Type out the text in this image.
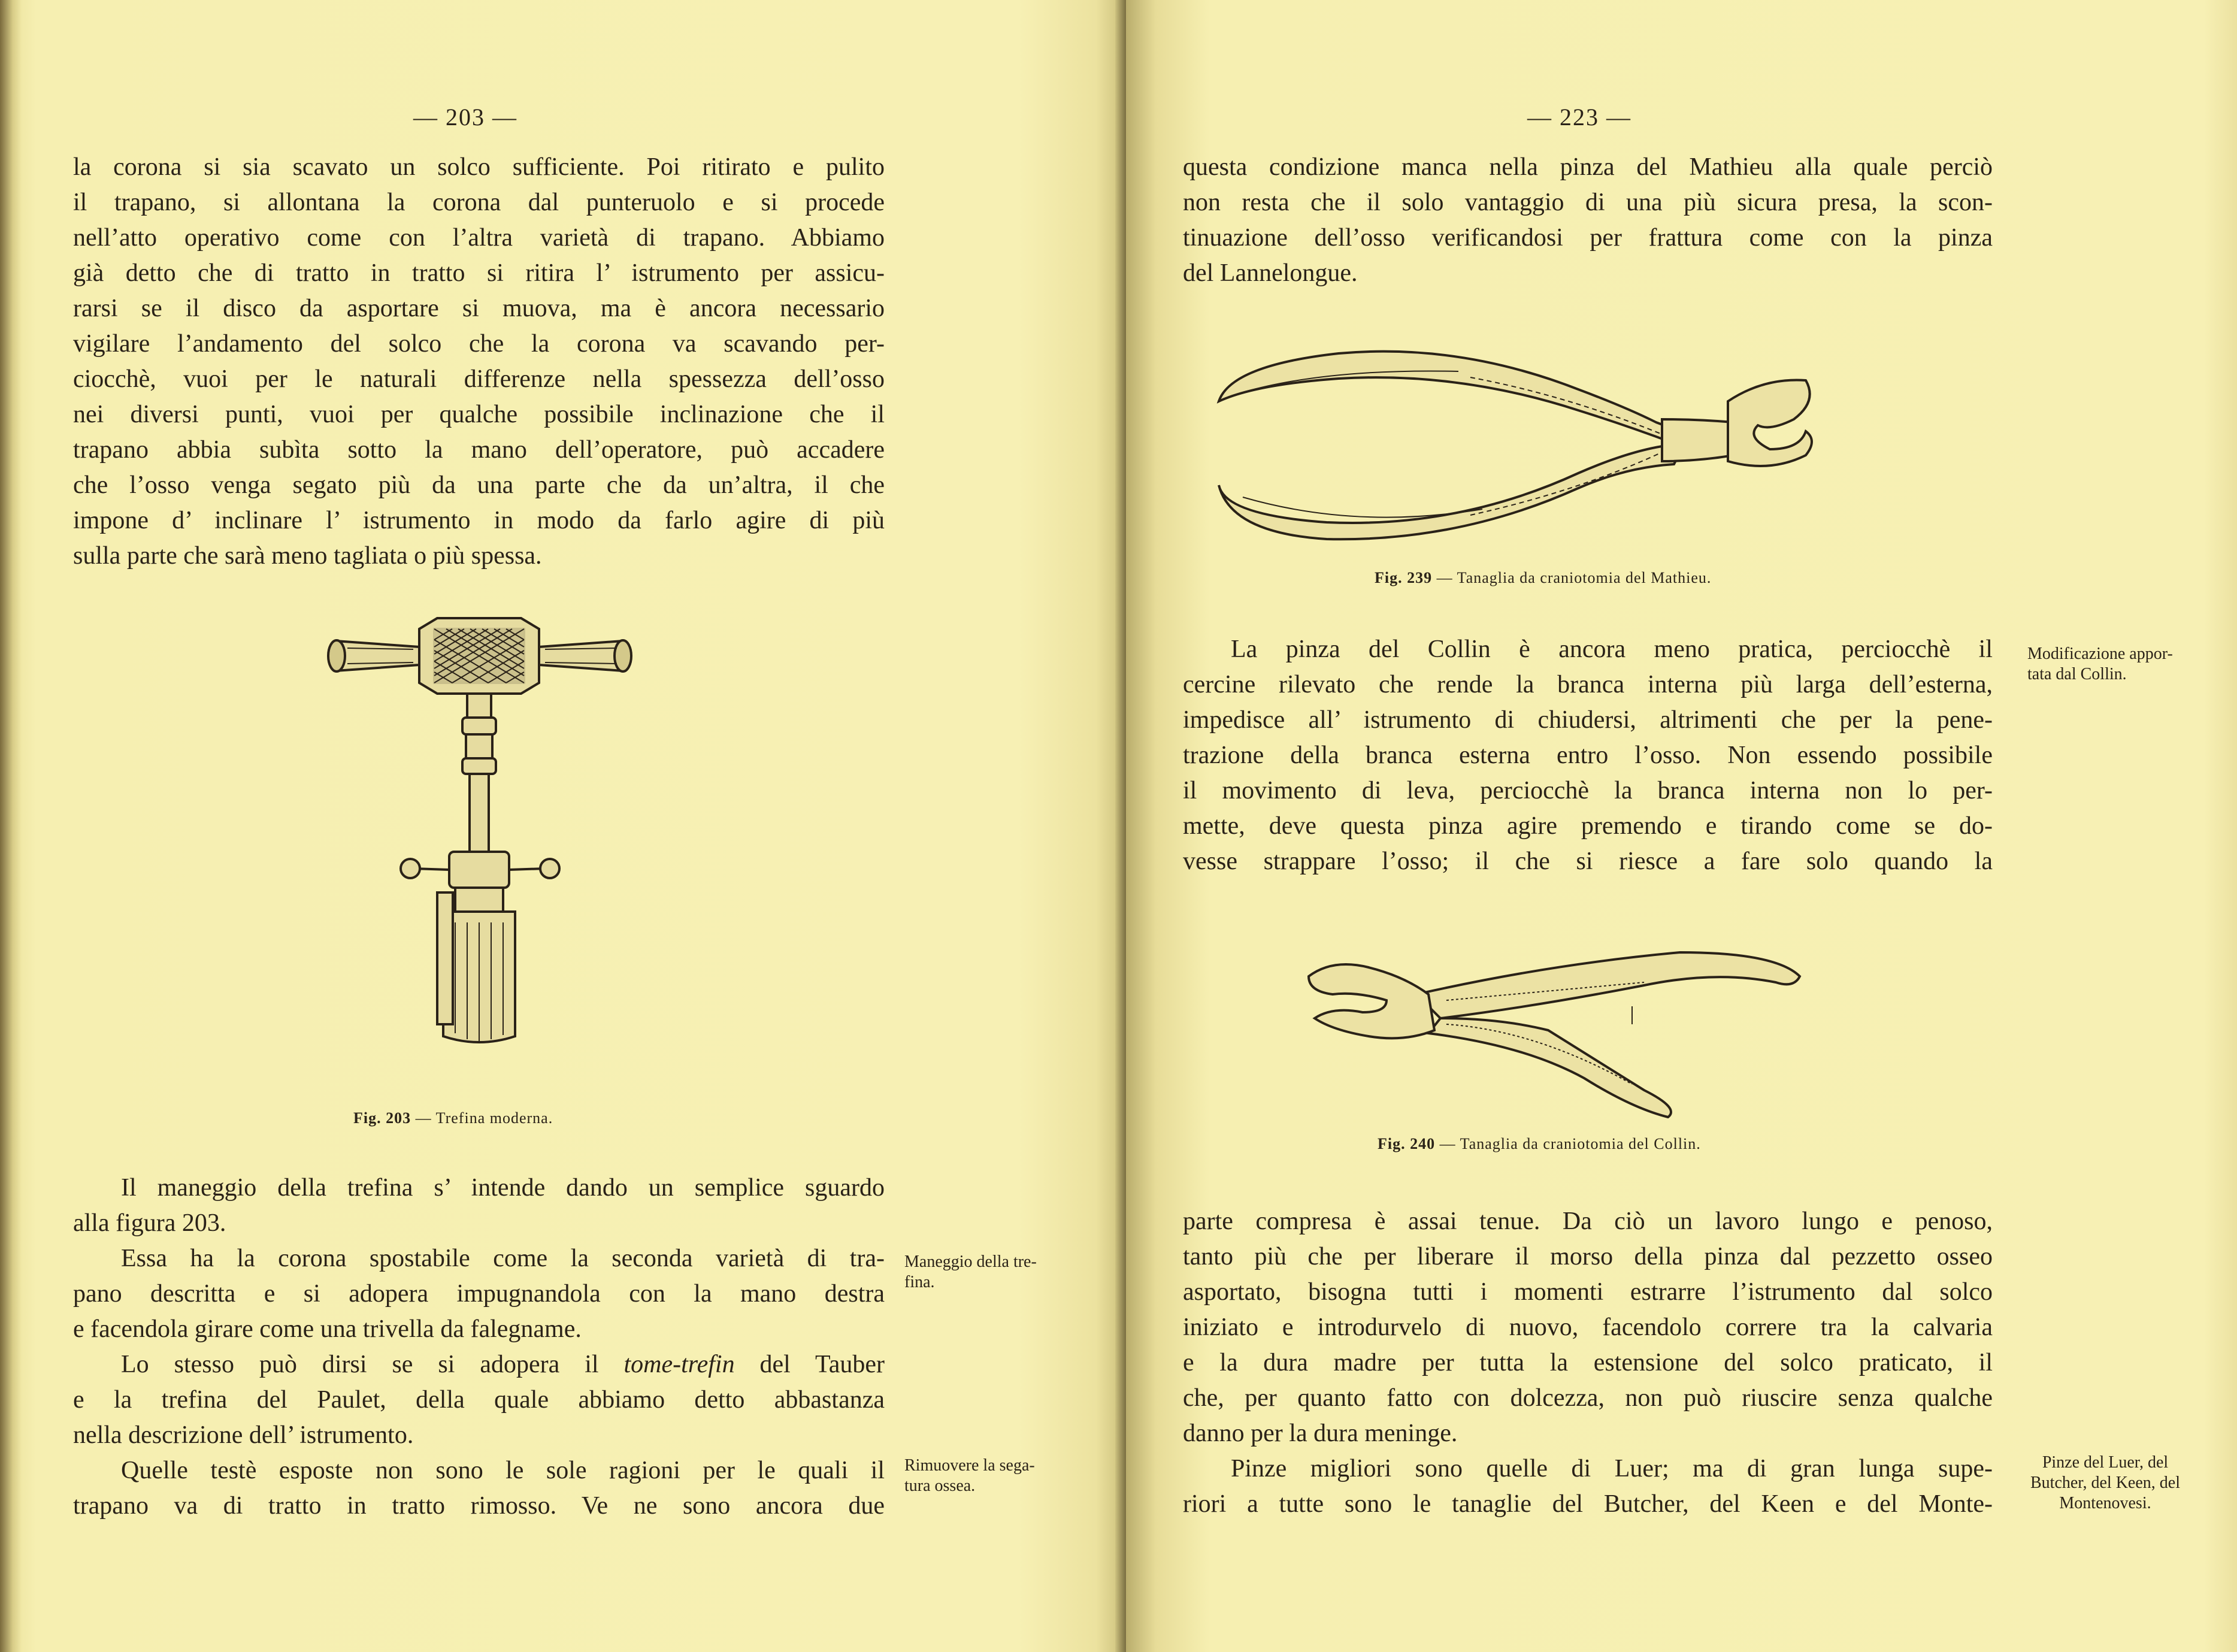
— 203 —
la corona si sia scavato un solco sufficiente. Poi ritirato e pulito
il trapano, si allontana la corona dal punteruolo e si procede
nell’atto operativo come con l’altra varietà di trapano. Abbiamo
già detto che di tratto in tratto si ritira l’ istrumento per assicu-
rarsi se il disco da asportare si muova, ma è ancora necessario
vigilare l’andamento del solco che la corona va scavando per-
ciocchè, vuoi per le naturali differenze nella spessezza dell’osso
nei diversi punti, vuoi per qualche possibile inclinazione che il
trapano abbia subìta sotto la mano dell’operatore, può accadere
che l’osso venga segato più da una parte che da un’altra, il che
impone d’ inclinare l’ istrumento in modo da farlo agire di più
sulla parte che sarà meno tagliata o più spessa.
Fig. 203 — Trefina moderna.
Il maneggio della trefina s’ intende dando un semplice sguardo
alla figura 203.
Essa ha la corona spostabile come la seconda varietà di tra-
pano descritta e si adopera impugnandola con la mano destra
e facendola girare come una trivella da falegname.
Lo stesso può dirsi se si adopera il tome-trefin del Tauber
e la trefina del Paulet, della quale abbiamo detto abbastanza
nella descrizione dell’ istrumento.
Quelle testè esposte non sono le sole ragioni per le quali il
trapano va di tratto in tratto rimosso. Ve ne sono ancora due
Maneggio della tre-
fina.
Rimuovere la sega-
tura ossea.
— 223 —
questa condizione manca nella pinza del Mathieu alla quale perciò
non resta che il solo vantaggio di una più sicura presa, la scon-
tinuazione dell’osso verificandosi per frattura come con la pinza
del Lannelongue.
Fig. 239 — Tanaglia da craniotomia del Mathieu.
La pinza del Collin è ancora meno pratica, perciocchè il
cercine rilevato che rende la branca interna più larga dell’esterna,
impedisce all’ istrumento di chiudersi, altrimenti che per la pene-
trazione della branca esterna entro l’osso. Non essendo possibile
il movimento di leva, perciocchè la branca interna non lo per-
mette, deve questa pinza agire premendo e tirando come se do-
vesse strappare l’osso; il che si riesce a fare solo quando la
Modificazione appor-
tata dal Collin.
Fig. 240 — Tanaglia da craniotomia del Collin.
parte compresa è assai tenue. Da ciò un lavoro lungo e penoso,
tanto più che per liberare il morso della pinza dal pezzetto osseo
asportato, bisogna tutti i momenti estrarre l’istrumento dal solco
iniziato e introdurvelo di nuovo, facendolo correre tra la calvaria
e la dura madre per tutta la estensione del solco praticato, il
che, per quanto fatto con dolcezza, non può riuscire senza qualche
danno per la dura meninge.
Pinze migliori sono quelle di Luer; ma di gran lunga supe-
riori a tutte sono le tanaglie del Butcher, del Keen e del Monte-
Pinze del Luer, del
Butcher, del Keen, del
Montenovesi.
